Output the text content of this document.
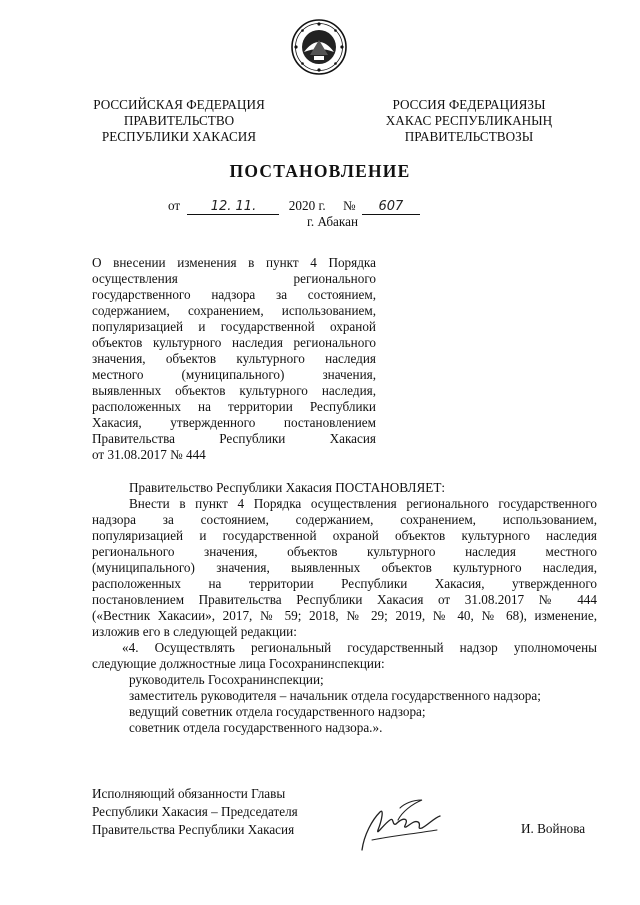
РОССИЙСКАЯ ФЕДЕРАЦИЯ
ПРАВИТЕЛЬСТВО
РЕСПУБЛИКИ ХАКАСИЯ
РОССИЯ ФЕДЕРАЦИЯЗЫ
ХАКАС РЕСПУБЛИКАНЫҢ
ПРАВИТЕЛЬСТВОЗЫ
ПОСТАНОВЛЕНИЕ
от 12. 11. 2020 г. № 607
г. Абакан
О внесении изменения в пункт 4 Порядка
осуществления регионального
государственного надзора за состоянием,
содержанием, сохранением, использованием,
популяризацией и государственной охраной
объектов культурного наследия регионального
значения, объектов культурного наследия
местного (муниципального) значения,
выявленных объектов культурного наследия,
расположенных на территории Республики
Хакасия, утвержденного постановлением
Правительства Республики Хакасия
от 31.08.2017 № 444
Правительство Республики Хакасия ПОСТАНОВЛЯЕТ:
Внести в пункт 4 Порядка осуществления регионального государственного
надзора за состоянием, содержанием, сохранением, использованием,
популяризацией и государственной охраной объектов культурного наследия
регионального значения, объектов культурного наследия местного
(муниципального) значения, выявленных объектов культурного наследия,
расположенных на территории Республики Хакасия, утвержденного
постановлением Правительства Республики Хакасия от 31.08.2017 № 444
(«Вестник Хакасии», 2017, № 59; 2018, № 29; 2019, № 40, № 68), изменение,
изложив его в следующей редакции:
«4. Осуществлять региональный государственный надзор уполномочены
следующие должностные лица Госохранинспекции:
руководитель Госохранинспекции;
заместитель руководителя – начальник отдела государственного надзора;
ведущий советник отдела государственного надзора;
советник отдела государственного надзора.».
Исполняющий обязанности Главы
Республики Хакасия – Председателя
Правительства Республики Хакасия	И. Войнова
